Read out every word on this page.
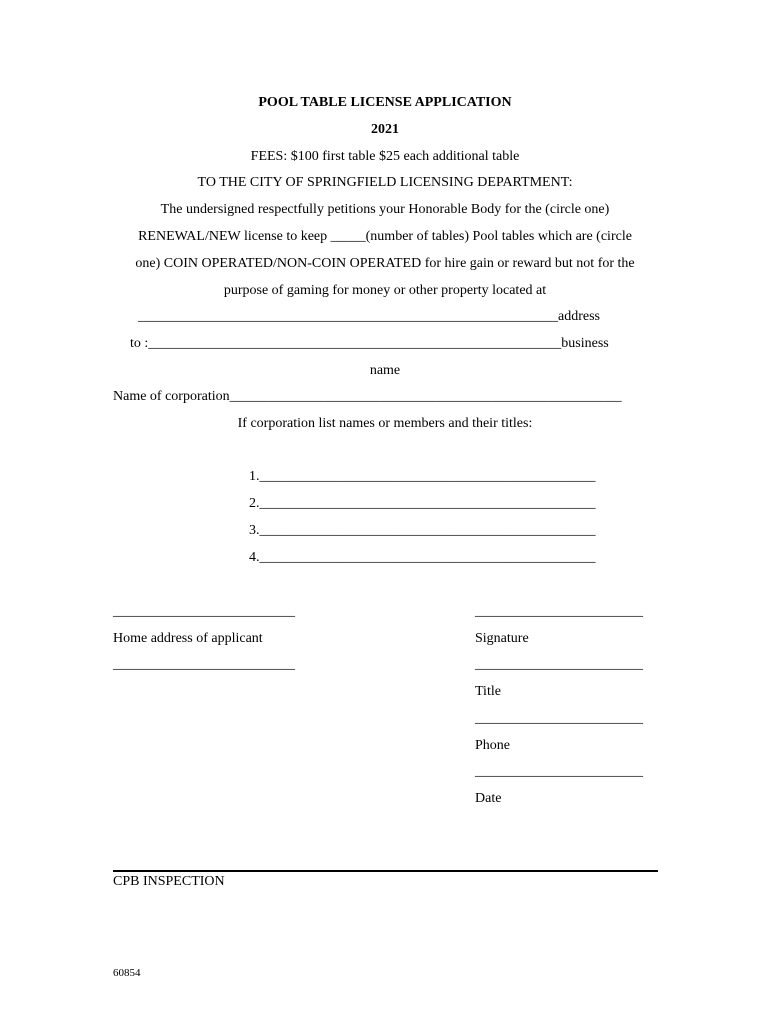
POOL TABLE LICENSE APPLICATION
2021
FEES: $100 first table $25 each additional table
TO THE CITY OF SPRINGFIELD LICENSING DEPARTMENT:
The undersigned respectfully petitions your Honorable Body for the (circle one)
RENEWAL/NEW license to keep _____(number of tables) Pool tables which are (circle
one) COIN OPERATED/NON-COIN OPERATED for hire gain or reward but not for the
purpose of gaming for money or other property located at
____________________________________________________________address
to :___________________________________________________________business
name
Name of corporation________________________________________________________
If corporation list names or members and their titles:
1.________________________________________________
2.________________________________________________
3.________________________________________________
4.________________________________________________
__________________________
Home address of applicant
__________________________
________________________
Signature
________________________
Title
________________________
Phone
________________________
Date
CPB INSPECTION
60854
